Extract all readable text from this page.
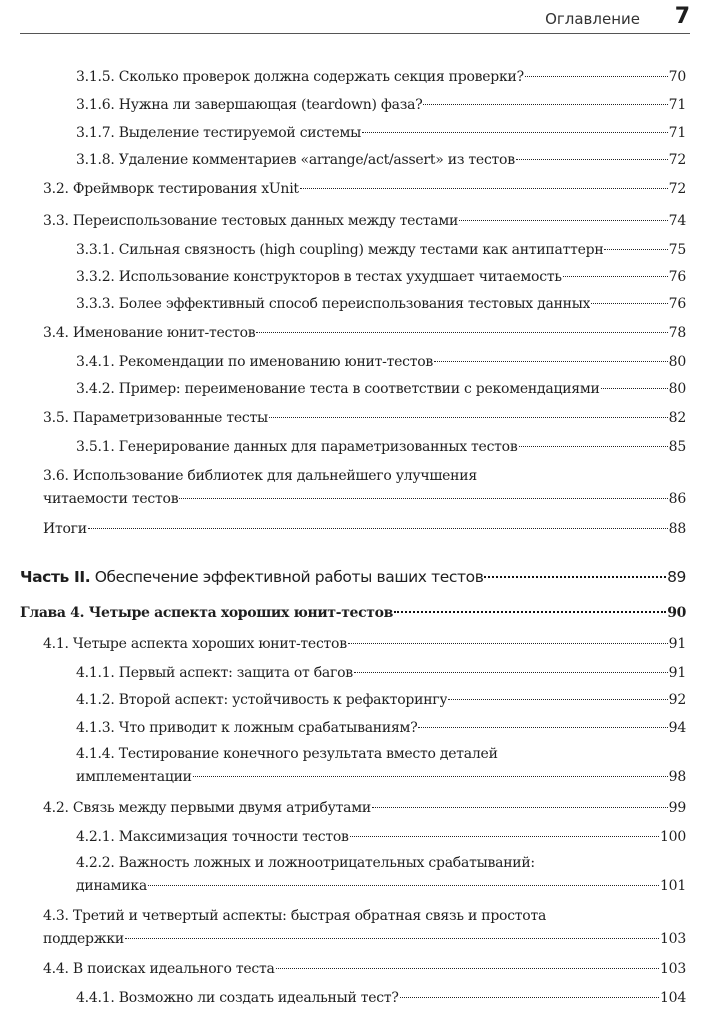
Оглавление 7
3.1.5. Сколько проверок должна содержать секция проверки?	70
3.1.6. Нужна ли завершающая (teardown) фаза?	71
3.1.7. Выделение тестируемой системы	71
3.1.8. Удаление комментариев «arrange/act/assert» из тестов	72
3.2. Фреймворк тестирования xUnit	72
3.3. Переиспользование тестовых данных между тестами	74
3.3.1. Сильная связность (high coupling) между тестами как антипаттерн	75
3.3.2. Использование конструкторов в тестах ухудшает читаемость	76
3.3.3. Более эффективный способ переиспользования тестовых данных	76
3.4. Именование юнит-тестов	78
3.4.1. Рекомендации по именованию юнит-тестов	80
3.4.2. Пример: переименование теста в соответствии с рекомендациями	80
3.5. Параметризованные тесты	82
3.5.1. Генерирование данных для параметризованных тестов	85
3.6. Использование библиотек для дальнейшего улучшения
читаемости тестов	86
Итоги	88
Часть II. Обеспечение эффективной работы ваших тестов	89
Глава 4. Четыре аспекта хороших юнит-тестов	90
4.1. Четыре аспекта хороших юнит-тестов	91
4.1.1. Первый аспект: защита от багов	91
4.1.2. Второй аспект: устойчивость к рефакторингу	92
4.1.3. Что приводит к ложным срабатываниям?	94
4.1.4. Тестирование конечного результата вместо деталей
имплементации	98
4.2. Связь между первыми двумя атрибутами	99
4.2.1. Максимизация точности тестов	100
4.2.2. Важность ложных и ложноотрицательных срабатываний:
динамика	101
4.3. Третий и четвертый аспекты: быстрая обратная связь и простота
поддержки	103
4.4. В поисках идеального теста	103
4.4.1. Возможно ли создать идеальный тест?	104
